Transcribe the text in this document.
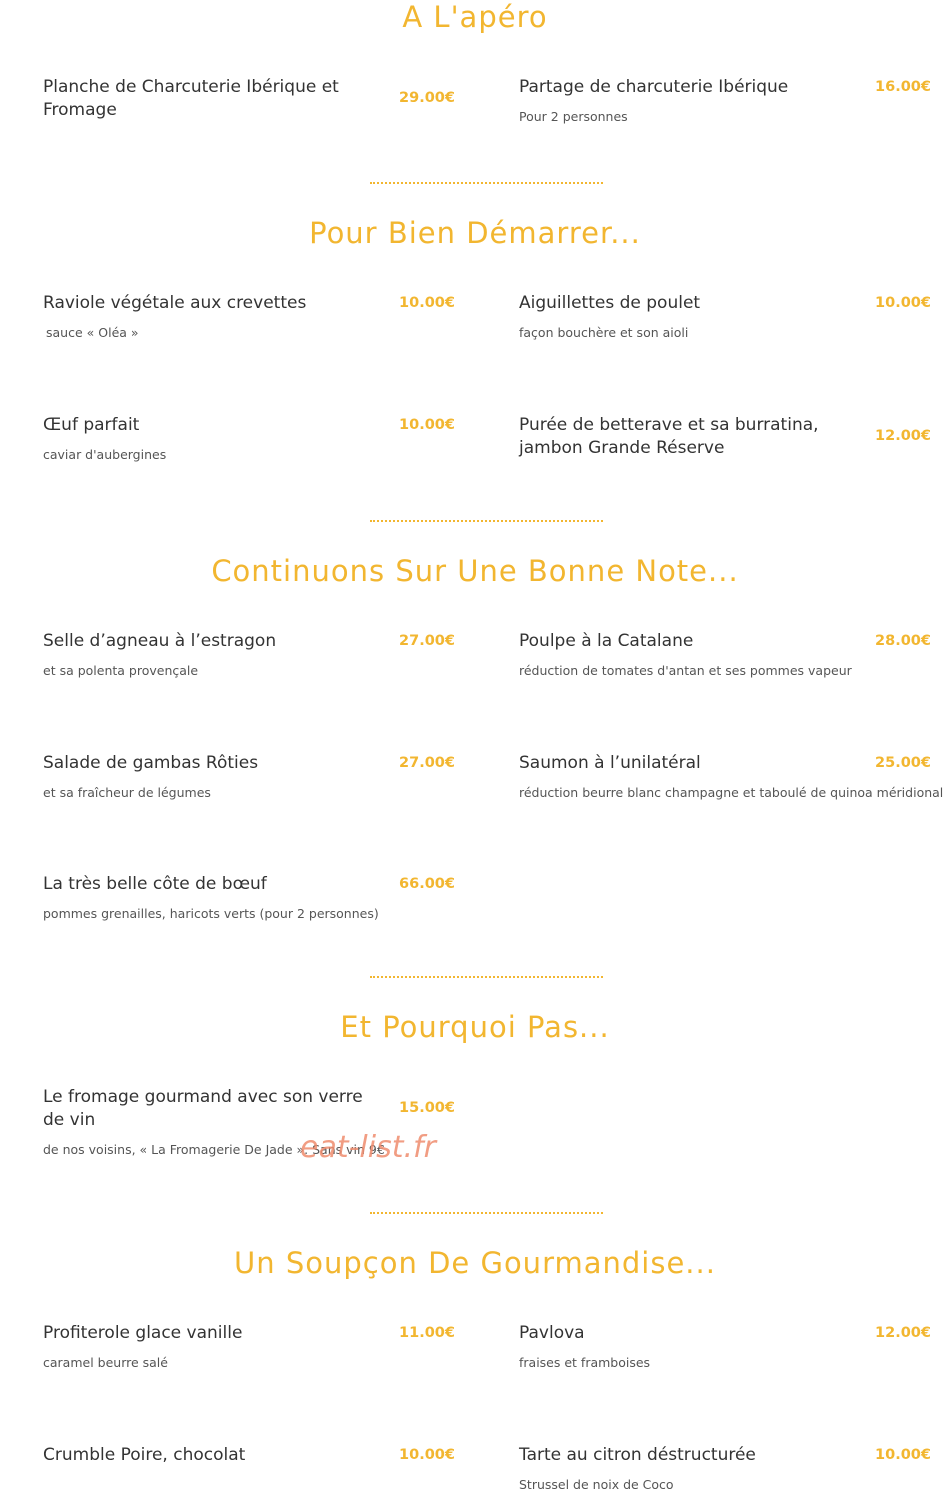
A L'apéro
29.00€
Planche de Charcuterie Ibérique et Fromage
16.00€
Partage de charcuterie Ibérique
Pour 2 personnes
Pour Bien Démarrer...
10.00€
Raviole végétale aux crevettes
sauce « Oléa »
10.00€
Aiguillettes de poulet
façon bouchère et son aioli
10.00€
Œuf parfait
caviar d'aubergines
12.00€
Purée de betterave et sa burratina, jambon Grande Réserve
Continuons Sur Une Bonne Note...
27.00€
Selle d’agneau à l’estragon
et sa polenta provençale
28.00€
Poulpe à la Catalane
réduction de tomates d'antan et ses pommes vapeur
27.00€
Salade de gambas Rôties
et sa fraîcheur de légumes
25.00€
Saumon à l’unilatéral
réduction beurre blanc champagne et taboulé de quinoa méridional
66.00€
La très belle côte de bœuf
pommes grenailles, haricots verts (pour 2 personnes)
Et Pourquoi Pas...
15.00€
Le fromage gourmand avec son verre de vin
de nos voisins, « La Fromagerie De Jade ». Sans vin 9€
eat-list.fr
Un Soupçon De Gourmandise...
11.00€
Profiterole glace vanille
caramel beurre salé
12.00€
Pavlova
fraises et framboises
10.00€
Crumble Poire, chocolat	10.00€
Tarte au citron déstructurée
Strussel de noix de Coco
